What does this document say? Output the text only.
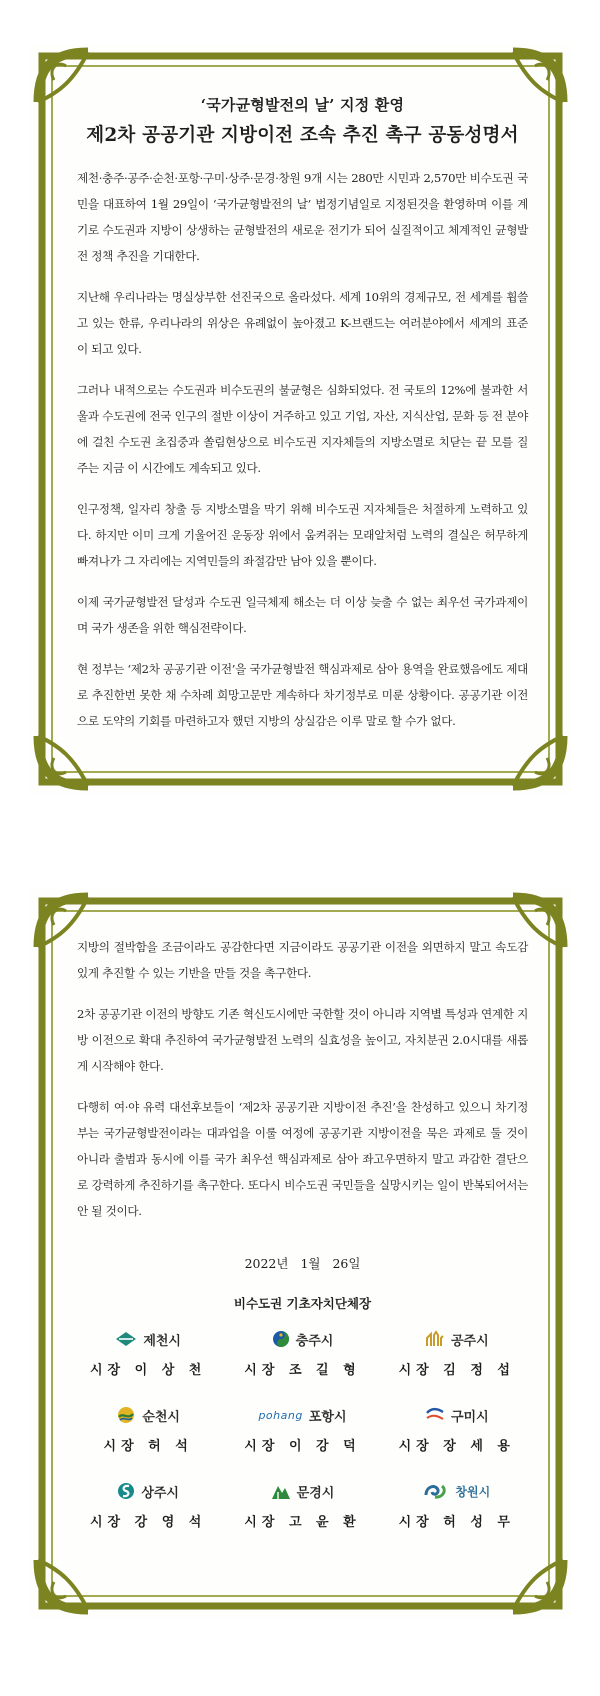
‘국가균형발전의 날’ 지정 환영

제2차 공공기관 지방이전 조속 추진 촉구 공동성명서

제천·충주·공주·순천·포항·구미·상주·문경·창원 9개 시는 280만 시민과 2,570만 비수도권 국민을 대표하여 1월 29일이 ‘국가균형발전의 날’ 법정기념일로 지정된것을 환영하며 이를 계기로 수도권과 지방이 상생하는 균형발전의 새로운 전기가 되어 실질적이고 체계적인 균형발전 정책 추진을 기대한다.

지난해 우리나라는 명실상부한 선진국으로 올라섰다. 세계 10위의 경제규모, 전 세계를 휩쓸고 있는 한류, 우리나라의 위상은 유례없이 높아졌고 K-브랜드는 여러분야에서 세계의 표준이 되고 있다.

그러나 내적으로는 수도권과 비수도권의 불균형은 심화되었다. 전 국토의 12%에 불과한 서울과 수도권에 전국 인구의 절반 이상이 거주하고 있고 기업, 자산, 지식산업, 문화 등 전 분야에 걸친 수도권 초집중과 쏠림현상으로 비수도권 지자체들의 지방소멸로 치닫는 끝 모를 질주는 지금 이 시간에도 계속되고 있다.

인구정책, 일자리 창출 등 지방소멸을 막기 위해 비수도권 지자체들은 처절하게 노력하고 있다. 하지만 이미 크게 기울어진 운동장 위에서 움켜쥐는 모래알처럼 노력의 결실은 허무하게 빠져나가 그 자리에는 지역민들의 좌절감만 남아 있을 뿐이다.

이제 국가균형발전 달성과 수도권 일극체제 해소는 더 이상 늦출 수 없는 최우선 국가과제이며 국가 생존을 위한 핵심전략이다.

현 정부는 ‘제2차 공공기관 이전’을 국가균형발전 핵심과제로 삼아 용역을 완료했음에도 제대로 추진한번 못한 채 수차례 희망고문만 계속하다 차기정부로 미룬 상황이다. 공공기관 이전으로 도약의 기회를 마련하고자 했던 지방의 상실감은 이루 말로 할 수가 없다.

지방의 절박함을 조금이라도 공감한다면 지금이라도 공공기관 이전을 외면하지 말고 속도감 있게 추진할 수 있는 기반을 만들 것을 촉구한다.

2차 공공기관 이전의 방향도 기존 혁신도시에만 국한할 것이 아니라 지역별 특성과 연계한 지방 이전으로 확대 추진하여 국가균형발전 노력의 실효성을 높이고, 자치분권 2.0시대를 새롭게 시작해야 한다.

다행히 여·야 유력 대선후보들이 ‘제2차 공공기관 지방이전 추진’을 찬성하고 있으니 차기정부는 국가균형발전이라는 대과업을 이룰 여정에 공공기관 지방이전을 묵은 과제로 둘 것이 아니라 출범과 동시에 이를 국가 최우선 핵심과제로 삼아 좌고우면하지 말고 과감한 결단으로 강력하게 추진하기를 촉구한다. 또다시 비수도권 국민들을 실망시키는 일이 반복되어서는 안 될 것이다.

2022년 1월 26일

비수도권 기초자치단체장

제천시
시장 이 상 천
충주시
시장 조 길 형
공주시
시장 김 정 섭
순천시
시장 허 석
pohang 포항시
시장 이 강 덕
구미시
시장 장 세 용
상주시
시장 강 영 석
문경시
시장 고 윤 환
창원시
시장 허 성 무
